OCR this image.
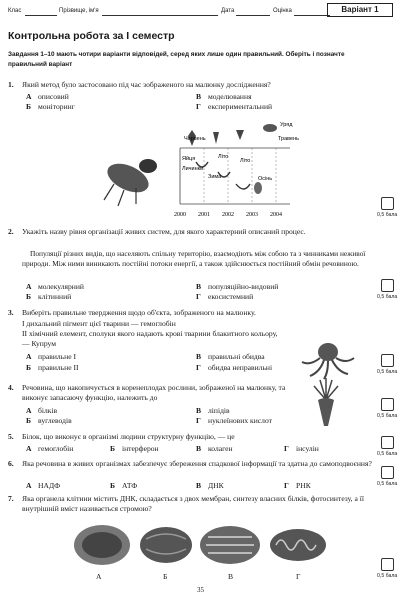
Клас	Прізвище, ім'я	Дата	Оцінка	Варіант 1
Контрольна робота за І семестр
Завдання 1–10 мають чотири варіанти відповідей, серед яких лише один правильний. Оберіть і позначте правильний варіант
1. Який метод було застосовано під час зображеного на малюнку дослідження?
А описовий	В моделювання
Б моніторинг	Г експериментальний
Червень
Яйця
Личинки
Зима
Літо
Літо
Осінь
Травень
Уряд
2000 2001 2002 2003 2004	0,5 бала
2. Укажіть назву рівня організації живих систем, для якого характерний описаний процес.
Популяції різних видів, що населяють спільну територію, взаємодіють між собою та з чинниками неживої природи. Між ними виникають постійні потоки енергії, а також здійснюється постійний обмін речовиною.
А молекулярний	В популяційно-видовий
Б клітинний	Г екосистемний	0,5 бала
3. Виберіть правильне твердження щодо об'єкта, зображеного на малюнку.
І дихальний пігмент цієї тварини — гемоглобін
ІІ хімічний елемент, сполуки якого надають крові тварини блакитного кольору, — Купрум
А правильне І	В правильні обидва
Б правильне ІІ	Г обидва неправильні	0,5 бала
4. Речовина, що накопичується в коренеплодах рослини, зображеної на малюнку, та виконує запасаючу функцію, належить до
А білків	В ліпідів
Б вуглеводів	Г нуклеїнових кислот	0,5 бала
5. Білок, що виконує в організмі людини структурну функцію, — це
А гемоглобін	Б інтерферон	В колаген	Г інсулін
0,5 бала
6. Яка речовина в живих організмах забезпечує збереження спадкової інформації та здатна до самоподвоєння?
А НАДФ	Б АТФ	В ДНК	Г РНК	0,5 бала
7. Яка органела клітини містить ДНК, складається з двох мембран, синтезу власних білків, фотосинтезу, а її внутрішній вміст називається стромою?
А	Б	В	Г	0,5 бала
35
